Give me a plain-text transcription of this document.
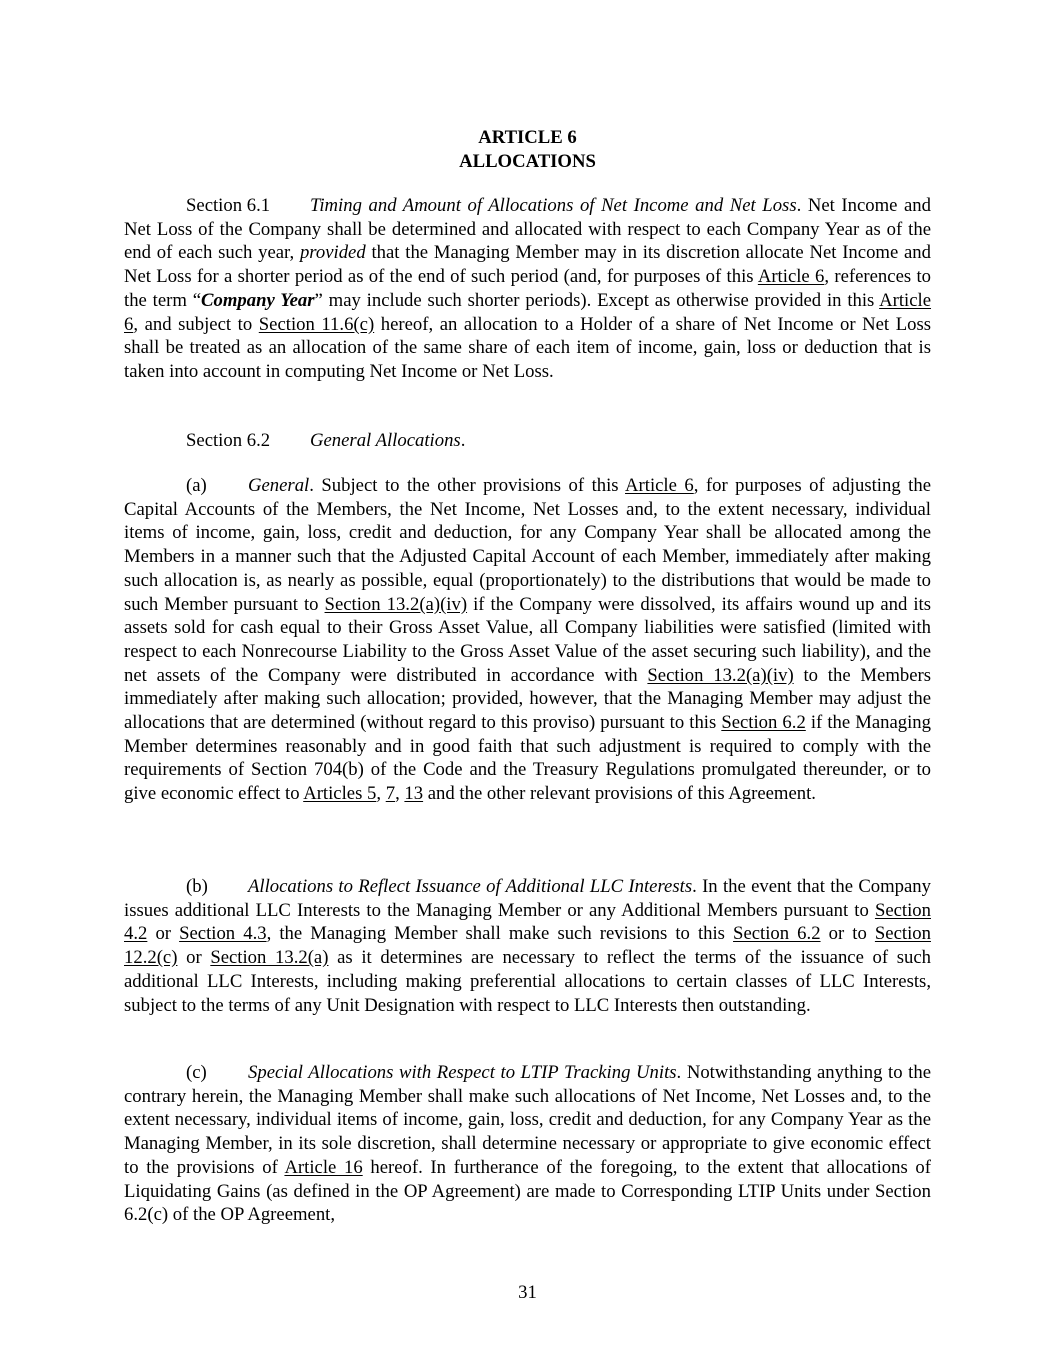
ARTICLE 6
ALLOCATIONS
Section 6.1 Timing and Amount of Allocations of Net Income and Net Loss. Net Income and Net Loss of the Company shall be determined and allocated with respect to each Company Year as of the end of each such year, provided that the Managing Member may in its discretion allocate Net Income and Net Loss for a shorter period as of the end of such period (and, for purposes of this Article 6, references to the term “Company Year” may include such shorter periods). Except as otherwise provided in this Article 6, and subject to Section 11.6(c) hereof, an allocation to a Holder of a share of Net Income or Net Loss shall be treated as an allocation of the same share of each item of income, gain, loss or deduction that is taken into account in computing Net Income or Net Loss.
Section 6.2 General Allocations.
(a) General. Subject to the other provisions of this Article 6, for purposes of adjusting the Capital Accounts of the Members, the Net Income, Net Losses and, to the extent necessary, individual items of income, gain, loss, credit and deduction, for any Company Year shall be allocated among the Members in a manner such that the Adjusted Capital Account of each Member, immediately after making such allocation is, as nearly as possible, equal (proportionately) to the distributions that would be made to such Member pursuant to Section 13.2(a)(iv) if the Company were dissolved, its affairs wound up and its assets sold for cash equal to their Gross Asset Value, all Company liabilities were satisfied (limited with respect to each Nonrecourse Liability to the Gross Asset Value of the asset securing such liability), and the net assets of the Company were distributed in accordance with Section 13.2(a)(iv) to the Members immediately after making such allocation; provided, however, that the Managing Member may adjust the allocations that are determined (without regard to this proviso) pursuant to this Section 6.2 if the Managing Member determines reasonably and in good faith that such adjustment is required to comply with the requirements of Section 704(b) of the Code and the Treasury Regulations promulgated thereunder, or to give economic effect to Articles 5, 7, 13 and the other relevant provisions of this Agreement.
(b) Allocations to Reflect Issuance of Additional LLC Interests. In the event that the Company issues additional LLC Interests to the Managing Member or any Additional Members pursuant to Section 4.2 or Section 4.3, the Managing Member shall make such revisions to this Section 6.2 or to Section 12.2(c) or Section 13.2(a) as it determines are necessary to reflect the terms of the issuance of such additional LLC Interests, including making preferential allocations to certain classes of LLC Interests, subject to the terms of any Unit Designation with respect to LLC Interests then outstanding.
(c) Special Allocations with Respect to LTIP Tracking Units. Notwithstanding anything to the contrary herein, the Managing Member shall make such allocations of Net Income, Net Losses and, to the extent necessary, individual items of income, gain, loss, credit and deduction, for any Company Year as the Managing Member, in its sole discretion, shall determine necessary or appropriate to give economic effect to the provisions of Article 16 hereof. In furtherance of the foregoing, to the extent that allocations of Liquidating Gains (as defined in the OP Agreement) are made to Corresponding LTIP Units under Section 6.2(c) of the OP Agreement,
31
